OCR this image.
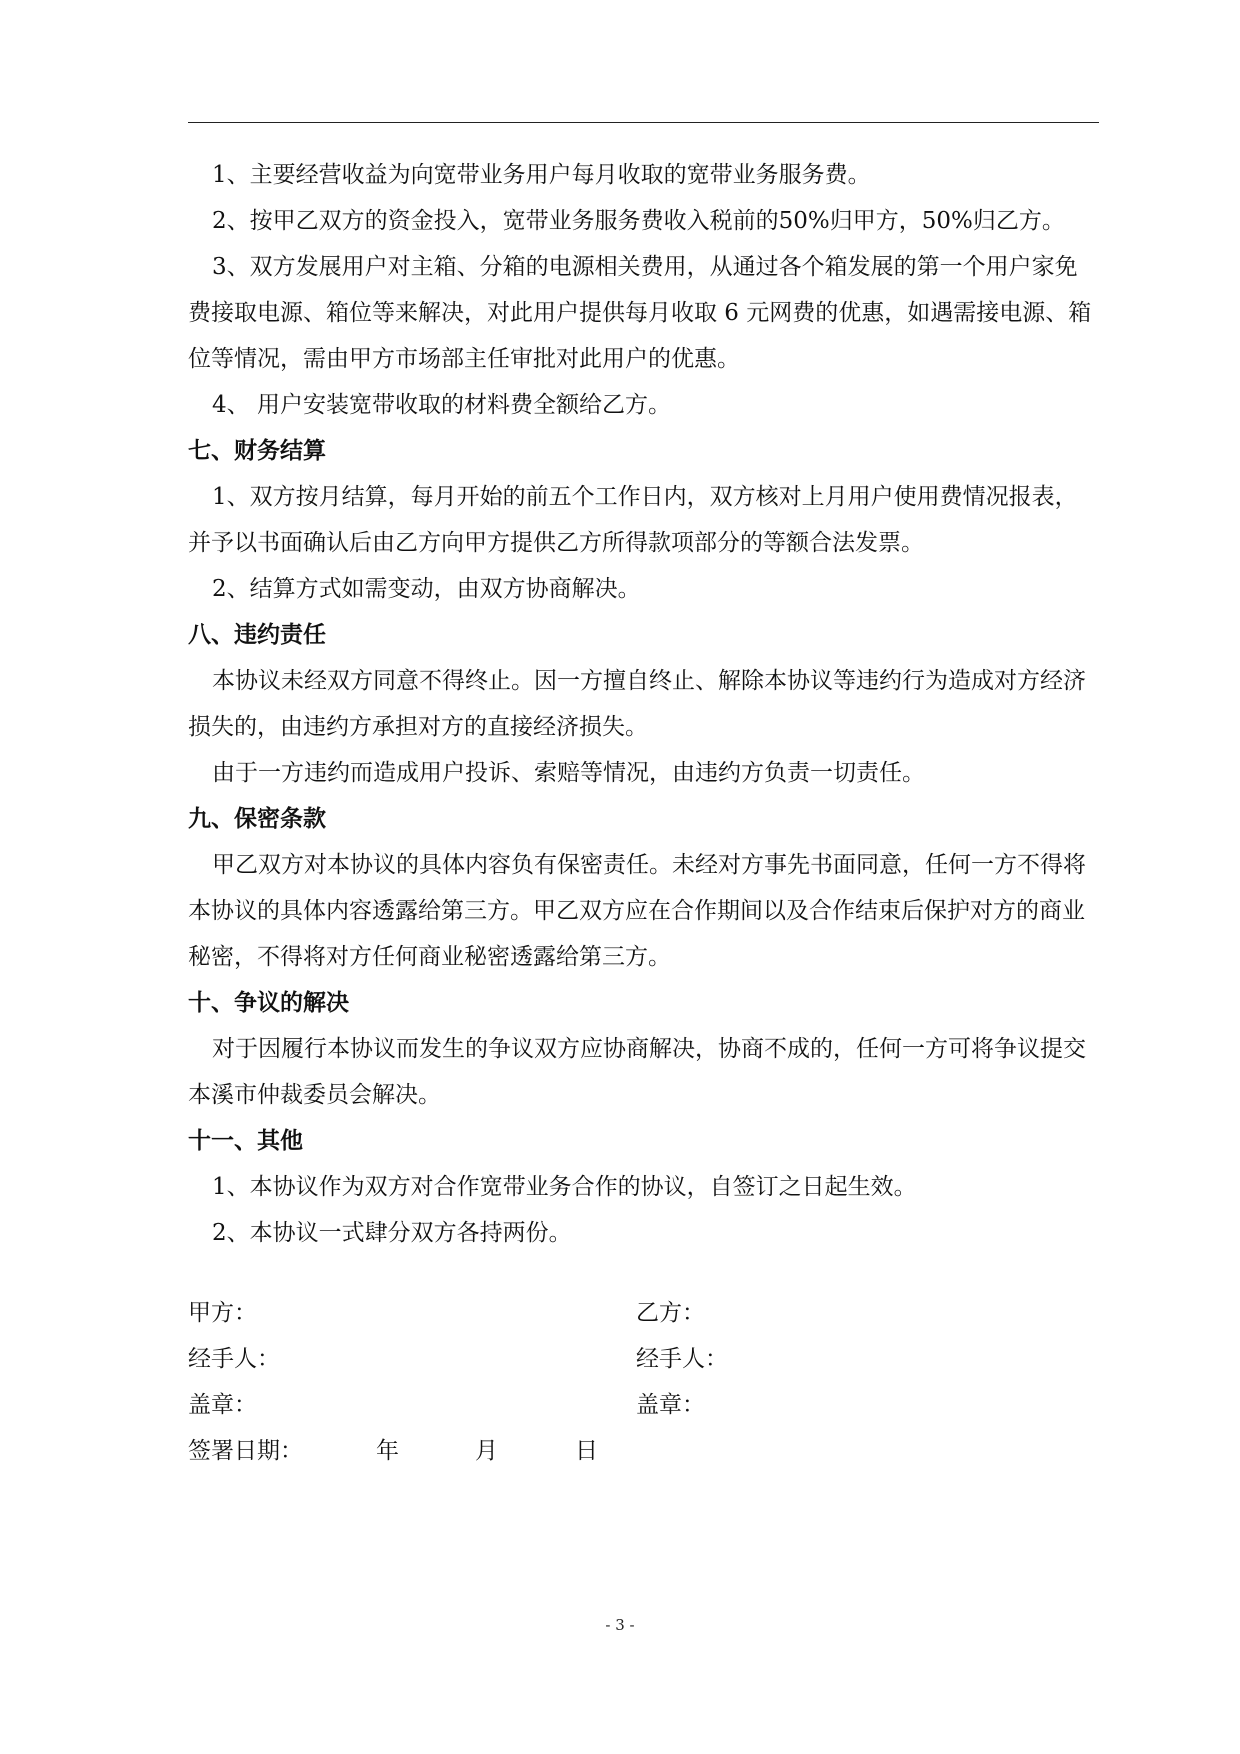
1、主要经营收益为向宽带业务用户每月收取的宽带业务服务费。

2、按甲乙双方的资金投入，宽带业务服务费收入税前的50%归甲方，50%归乙方。

3、双方发展用户对主箱、分箱的电源相关费用，从通过各个箱发展的第一个用户家免费接取电源、箱位等来解决，对此用户提供每月收取 6 元网费的优惠，如遇需接电源、箱位等情况，需由甲方市场部主任审批对此用户的优惠。

4、 用户安装宽带收取的材料费全额给乙方。

七、财务结算

1、双方按月结算，每月开始的前五个工作日内，双方核对上月用户使用费情况报表，并予以书面确认后由乙方向甲方提供乙方所得款项部分的等额合法发票。

2、结算方式如需变动，由双方协商解决。

八、违约责任

本协议未经双方同意不得终止。因一方擅自终止、解除本协议等违约行为造成对方经济损失的，由违约方承担对方的直接经济损失。

由于一方违约而造成用户投诉、索赔等情况，由违约方负责一切责任。

九、保密条款

甲乙双方对本协议的具体内容负有保密责任。未经对方事先书面同意，任何一方不得将本协议的具体内容透露给第三方。甲乙双方应在合作期间以及合作结束后保护对方的商业秘密，不得将对方任何商业秘密透露给第三方。

十、争议的解决

对于因履行本协议而发生的争议双方应协商解决，协商不成的，任何一方可将争议提交本溪市仲裁委员会解决。

十一、其他

1、本协议作为双方对合作宽带业务合作的协议，自签订之日起生效。

2、本协议一式肆分双方各持两份。

甲方：	乙方：
经手人：	经手人：
盖章：	盖章：
签署日期：	年	月	日
- 3 -
